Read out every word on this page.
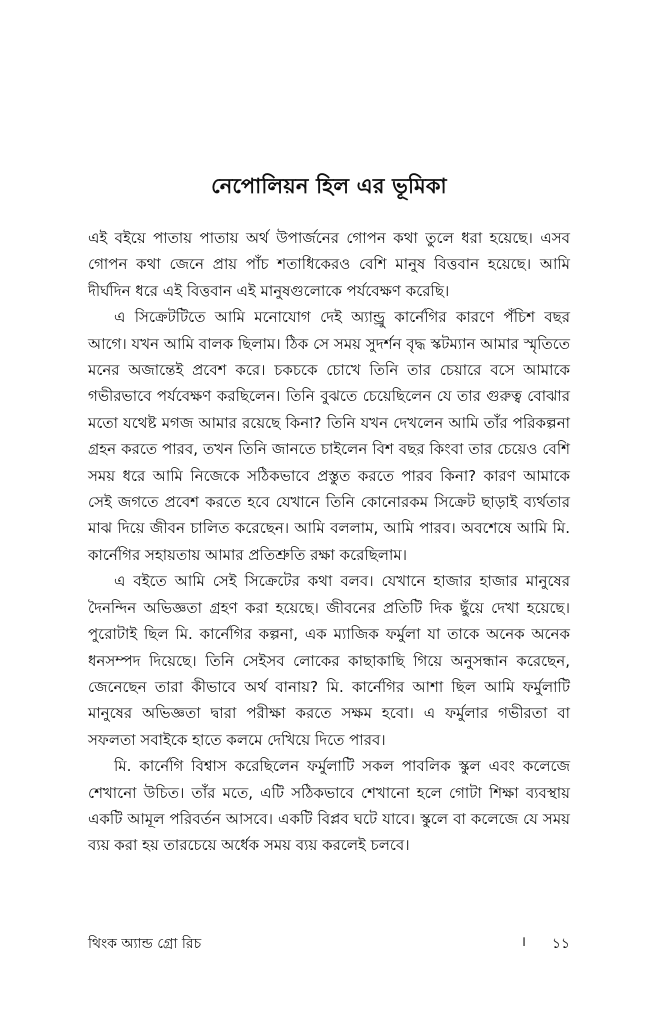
নেপোলিয়ন হিল এর ভূমিকা

এই বইয়ে পাতায় পাতায় অর্থ উপার্জনের গোপন কথা তুলে ধরা হয়েছে। এসব গোপন কথা জেনে প্রায় পাঁচ শতাধিকেরও বেশি মানুষ বিত্তবান হয়েছে। আমি দীর্ঘদিন ধরে এই বিত্তবান এই মানুষগুলোকে পর্যবেক্ষণ করেছি।

এ সিক্রেটটিতে আমি মনোযোগ দেই অ্যান্ড্রু কার্নেগির কারণে পঁচিশ বছর আগে। যখন আমি বালক ছিলাম। ঠিক সে সময় সুদর্শন বৃদ্ধ স্কটম্যান আমার স্মৃতিতে মনের অজান্তেই প্রবেশ করে। চকচকে চোখে তিনি তার চেয়ারে বসে আমাকে গভীরভাবে পর্যবেক্ষণ করছিলেন। তিনি বুঝতে চেয়েছিলেন যে তার গুরুত্ব বোঝার মতো যথেষ্ট মগজ আমার রয়েছে কিনা? তিনি যখন দেখলেন আমি তাঁর পরিকল্পনা গ্রহন করতে পারব, তখন তিনি জানতে চাইলেন বিশ বছর কিংবা তার চেয়েও বেশি সময় ধরে আমি নিজেকে সঠিকভাবে প্রস্তুত করতে পারব কিনা? কারণ আমাকে সেই জগতে প্রবেশ করতে হবে যেখানে তিনি কোনোরকম সিক্রেট ছাড়াই ব্যর্থতার মাঝ দিয়ে জীবন চালিত করেছেন। আমি বললাম, আমি পারব। অবশেষে আমি মি. কার্নেগির সহায়তায় আমার প্রতিশ্রুতি রক্ষা করেছিলাম।

এ বইতে আমি সেই সিক্রেটের কথা বলব। যেখানে হাজার হাজার মানুষের দৈনন্দিন অভিজ্ঞতা গ্রহণ করা হয়েছে। জীবনের প্রতিটি দিক ছুঁয়ে দেখা হয়েছে। পুরোটাই ছিল মি. কার্নেগির কল্পনা, এক ম্যাজিক ফর্মুলা যা তাকে অনেক অনেক ধনসম্পদ দিয়েছে। তিনি সেইসব লোকের কাছাকাছি গিয়ে অনুসন্ধান করেছেন, জেনেছেন তারা কীভাবে অর্থ বানায়? মি. কার্নেগির আশা ছিল আমি ফর্মুলাটি মানুষের অভিজ্ঞতা দ্বারা পরীক্ষা করতে সক্ষম হবো। এ ফর্মুলার গভীরতা বা সফলতা সবাইকে হাতে কলমে দেখিয়ে দিতে পারব।

মি. কার্নেগি বিশ্বাস করেছিলেন ফর্মুলাটি সকল পাবলিক স্কুল এবং কলেজে শেখানো উচিত। তাঁর মতে, এটি সঠিকভাবে শেখানো হলে গোটা শিক্ষা ব্যবস্থায় একটি আমূল পরিবর্তন আসবে। একটি বিপ্লব ঘটে যাবে। স্কুলে বা কলেজে যে সময় ব্যয় করা হয় তারচেয়ে অর্ধেক সময় ব্যয় করলেই চলবে।

থিংক অ্যান্ড গ্রো রিচ	। ১১
